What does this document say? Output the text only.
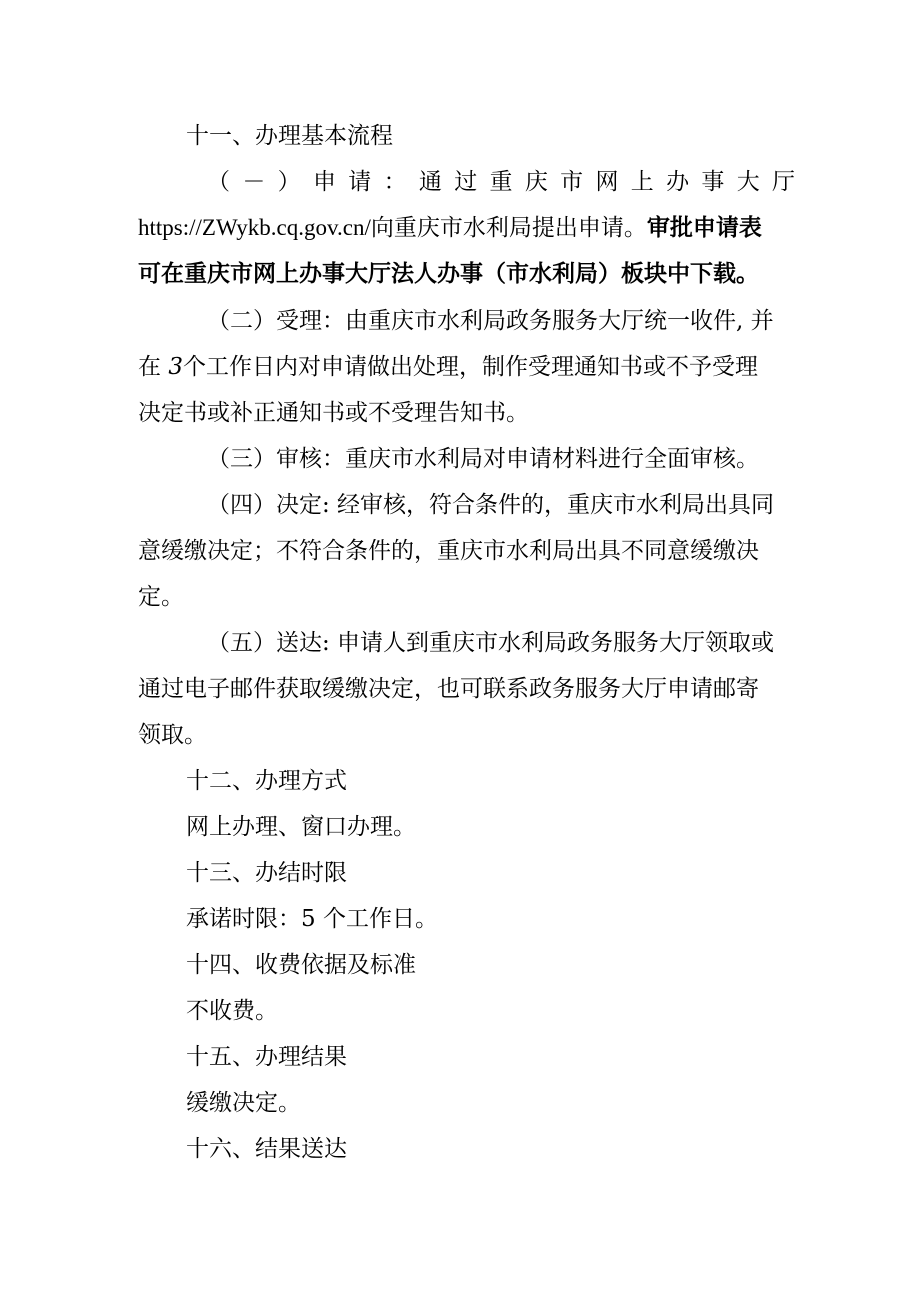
十一、办理基本流程
（ － ） 申 请 ： 通 过 重 庆 市 网 上 办 事 大 厅
https://ZWykb.cq.gov.cn/向重庆市水利局提出申请。审批申请表
可在重庆市网上办事大厅法人办事（市水利局）板块中下载。
（二）受理：由重庆市水利局政务服务大厅统一收件, 并
在 3个工作日内对申请做出处理，制作受理通知书或不予受理
决定书或补正通知书或不受理告知书。
（三）审核：重庆市水利局对申请材料进行全面审核。
（四）决定: 经审核，符合条件的，重庆市水利局出具同
意缓缴决定；不符合条件的，重庆市水利局出具不同意缓缴决
定。
（五）送达: 申请人到重庆市水利局政务服务大厅领取或
通过电子邮件获取缓缴决定，也可联系政务服务大厅申请邮寄
领取。
十二、办理方式
网上办理、窗口办理。
十三、办结时限
承诺时限：5 个工作日。
十四、收费依据及标准
不收费。
十五、办理结果
缓缴决定。
十六、结果送达
